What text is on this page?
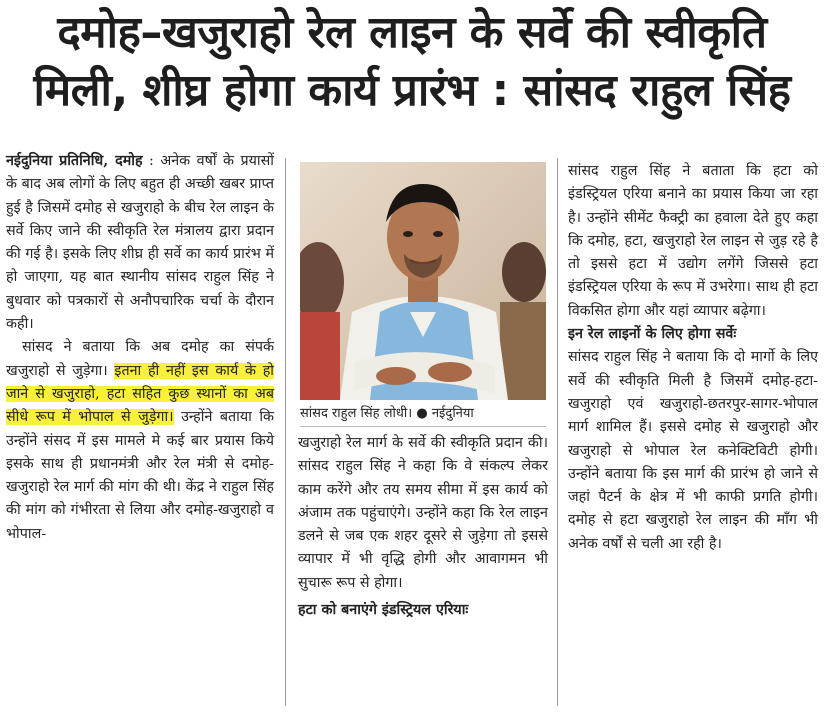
दमोह–खजुराहो रेल लाइन के सर्वे की स्वीकृति
मिली, शीघ्र होगा कार्य प्रारंभ : सांसद राहुल सिंह

नईदुनिया प्रतिनिधि, दमोह : अनेक वर्षों के प्रयासों के बाद अब लोगों के लिए बहुत ही अच्छी खबर प्राप्त हुई है जिसमें दमोह से खजुराहो के बीच रेल लाइन के सर्वे किए जाने की स्वीकृति रेल मंत्रालय द्वारा प्रदान की गई है। इसके लिए शीघ्र ही सर्वे का कार्य प्रारंभ में हो जाएगा, यह बात स्थानीय सांसद राहुल सिंह ने बुधवार को पत्रकारों से अनौपचारिक चर्चा के दौरान कही।

सांसद ने बताया कि अब दमोह का संपर्क खजुराहो से जुड़ेगा। इतना ही नहीं इस कार्य के हो जाने से खजुराहो, हटा सहित कुछ स्थानों का अब सीधे रूप में भोपाल से जुड़ेगा। उन्होंने बताया कि उन्होंने संसद में इस मामले मे कई बार प्रयास किये इसके साथ ही प्रधानमंत्री और रेल मंत्री से दमोह-खजुराहो रेल मार्ग की मांग की थी। केंद्र ने राहुल सिंह की मांग को गंभीरता से लिया और दमोह-खजुराहो व भोपाल-

सांसद राहुल सिंह लोधी। ● नईदुनिया

खजुराहो रेल मार्ग के सर्वे की स्वीकृति प्रदान की। सांसद राहुल सिंह ने कहा कि वे संकल्प लेकर काम करेंगे और तय समय सीमा में इस कार्य को अंजाम तक पहुंचाएंगे। उन्होंने कहा कि रेल लाइन डलने से जब एक शहर दूसरे से जुड़ेगा तो इससे व्यापार में भी वृद्धि होगी और आवागमन भी सुचारू रूप से होगा।

हटा को बनाएंगे इंडस्ट्रियल एरियाः

सांसद राहुल सिंह ने बताता कि हटा को इंडस्ट्रियल एरिया बनाने का प्रयास किया जा रहा है। उन्होंने सीमेंट फैक्ट्री का हवाला देते हुए कहा कि दमोह, हटा, खजुराहो रेल लाइन से जुड़ रहे है तो इससे हटा में उद्योग लगेंगे जिससे हटा इंडस्ट्रियल एरिया के रूप में उभरेगा। साथ ही हटा विकसित होगा और यहां व्यापार बढ़ेगा।

इन रेल लाइनों के लिए होगा सर्वेः

सांसद राहुल सिंह ने बताया कि दो मार्गो के लिए सर्वे की स्वीकृति मिली है जिसमें दमोह-हटा-खजुराहो एवं खजुराहो-छतरपुर-सागर-भोपाल मार्ग शामिल हैं। इससे दमोह से खजुराहो और खजुराहो से भोपाल रेल कनेक्टिविटी होगी। उन्होंने बताया कि इस मार्ग की प्रारंभ हो जाने से जहां पैटर्न के क्षेत्र में भी काफी प्रगति होगी। दमोह से हटा खजुराहो रेल लाइन की माँग भी अनेक वर्षों से चली आ रही है।
